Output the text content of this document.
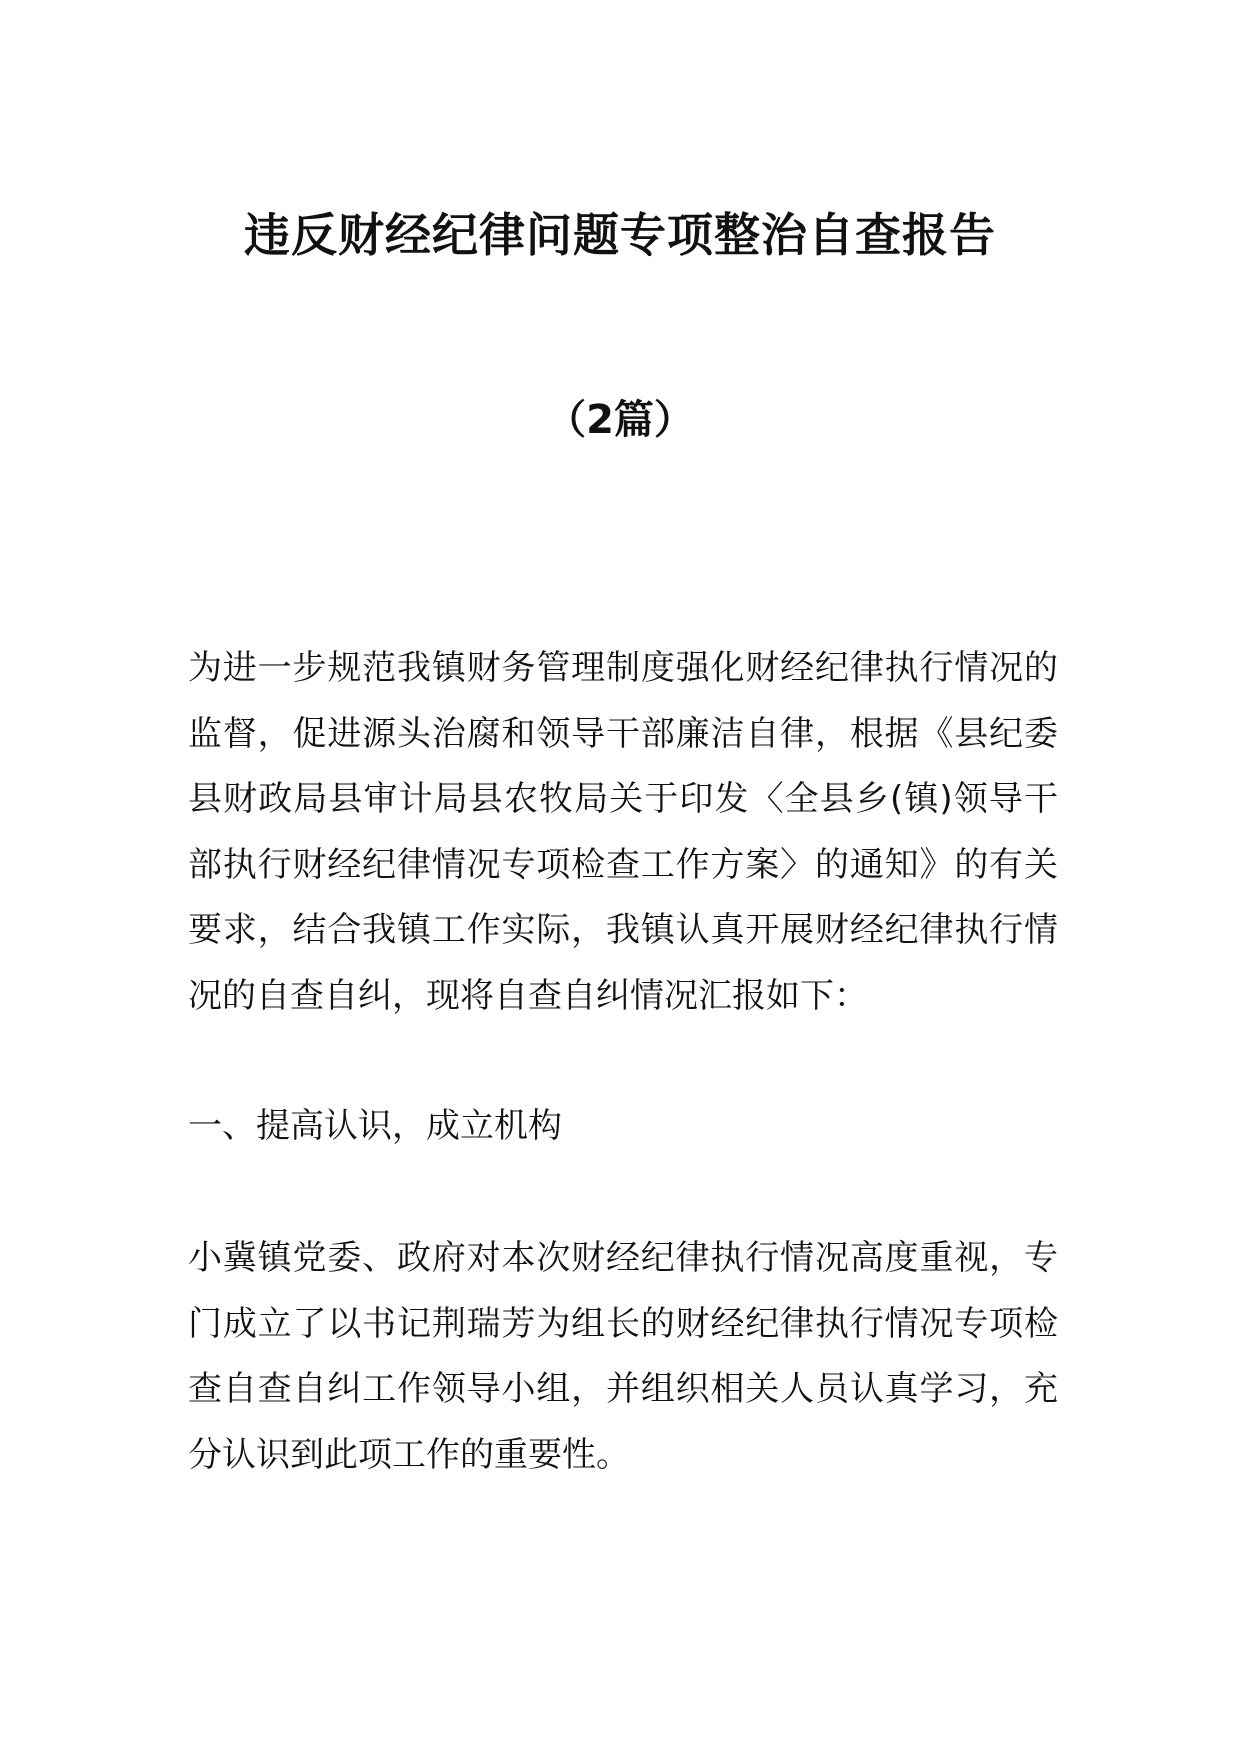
违反财经纪律问题专项整治自查报告
（2篇）

为进一步规范我镇财务管理制度强化财经纪律执行情况的监督，促进源头治腐和领导干部廉洁自律，根据《县纪委县财政局县审计局县农牧局关于印发〈全县乡(镇)领导干部执行财经纪律情况专项检查工作方案〉的通知》的有关要求，结合我镇工作实际，我镇认真开展财经纪律执行情况的自查自纠，现将自查自纠情况汇报如下：

一、提高认识，成立机构

小冀镇党委、政府对本次财经纪律执行情况高度重视，专门成立了以书记荆瑞芳为组长的财经纪律执行情况专项检查自查自纠工作领导小组，并组织相关人员认真学习，充分认识到此项工作的重要性。
